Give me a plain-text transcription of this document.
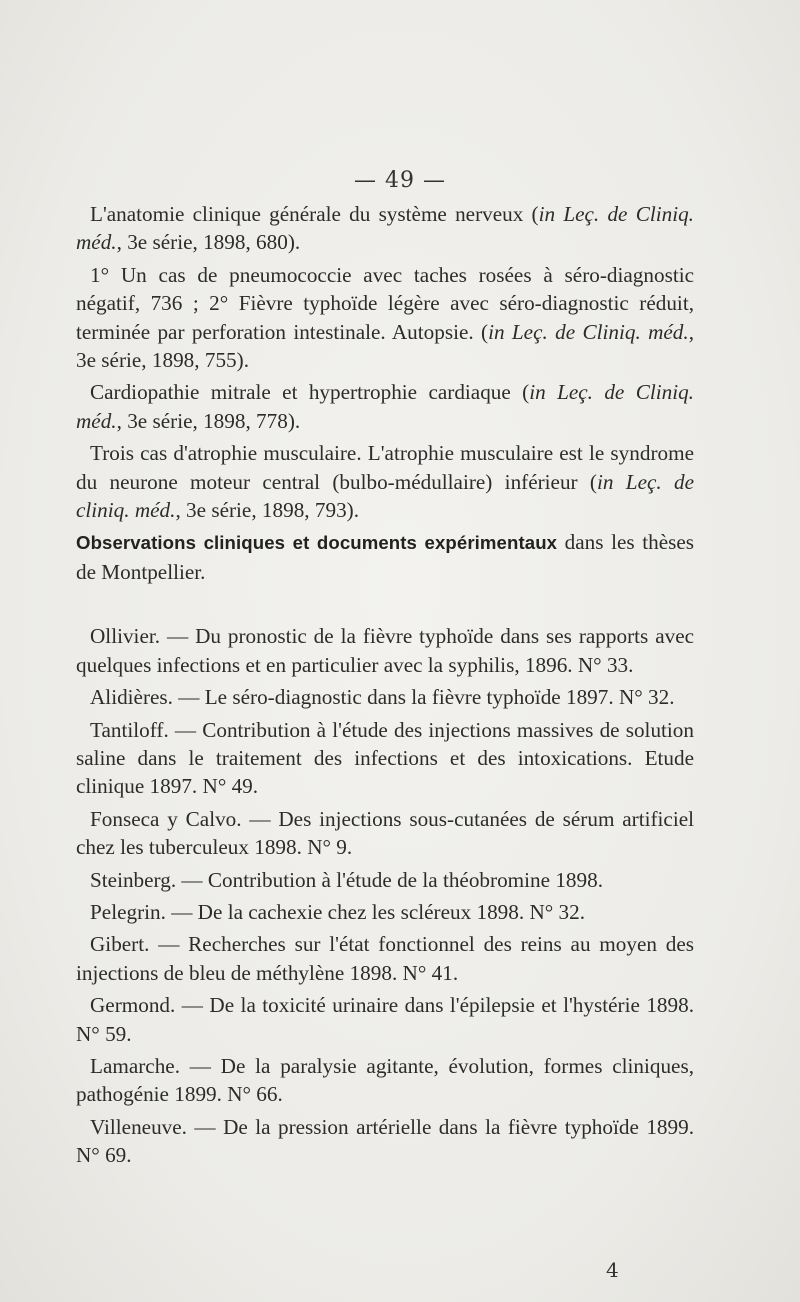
— 49 —

L'anatomie clinique générale du système nerveux (in Leç. de Cliniq. méd., 3e série, 1898, 680).

1° Un cas de pneumococcie avec taches rosées à séro-diagnostic négatif, 736 ; 2° Fièvre typhoïde légère avec séro-diagnostic réduit, terminée par perforation intestinale. Autopsie. (in Leç. de Cliniq. méd., 3e série, 1898, 755).

Cardiopathie mitrale et hypertrophie cardiaque (in Leç. de Cliniq. méd., 3e série, 1898, 778).

Trois cas d'atrophie musculaire. L'atrophie musculaire est le syndrome du neurone moteur central (bulbo-médullaire) inférieur (in Leç. de cliniq. méd., 3e série, 1898, 793).

Observations cliniques et documents expérimentaux dans les thèses de Montpellier.

Ollivier. — Du pronostic de la fièvre typhoïde dans ses rapports avec quelques infections et en particulier avec la syphilis, 1896. N° 33.

Alidières. — Le séro-diagnostic dans la fièvre typhoïde 1897. N° 32.

Tantiloff. — Contribution à l'étude des injections massives de solution saline dans le traitement des infections et des intoxications. Etude clinique 1897. N° 49.

Fonseca y Calvo. — Des injections sous-cutanées de sérum artificiel chez les tuberculeux 1898. N° 9.

Steinberg. — Contribution à l'étude de la théobromine 1898.

Pelegrin. — De la cachexie chez les scléreux 1898. N° 32.

Gibert. — Recherches sur l'état fonctionnel des reins au moyen des injections de bleu de méthylène 1898. N° 41.

Germond. — De la toxicité urinaire dans l'épilepsie et l'hystérie 1898. N° 59.

Lamarche. — De la paralysie agitante, évolution, formes cliniques, pathogénie 1899. N° 66.

Villeneuve. — De la pression artérielle dans la fièvre typhoïde 1899. N° 69.

4
